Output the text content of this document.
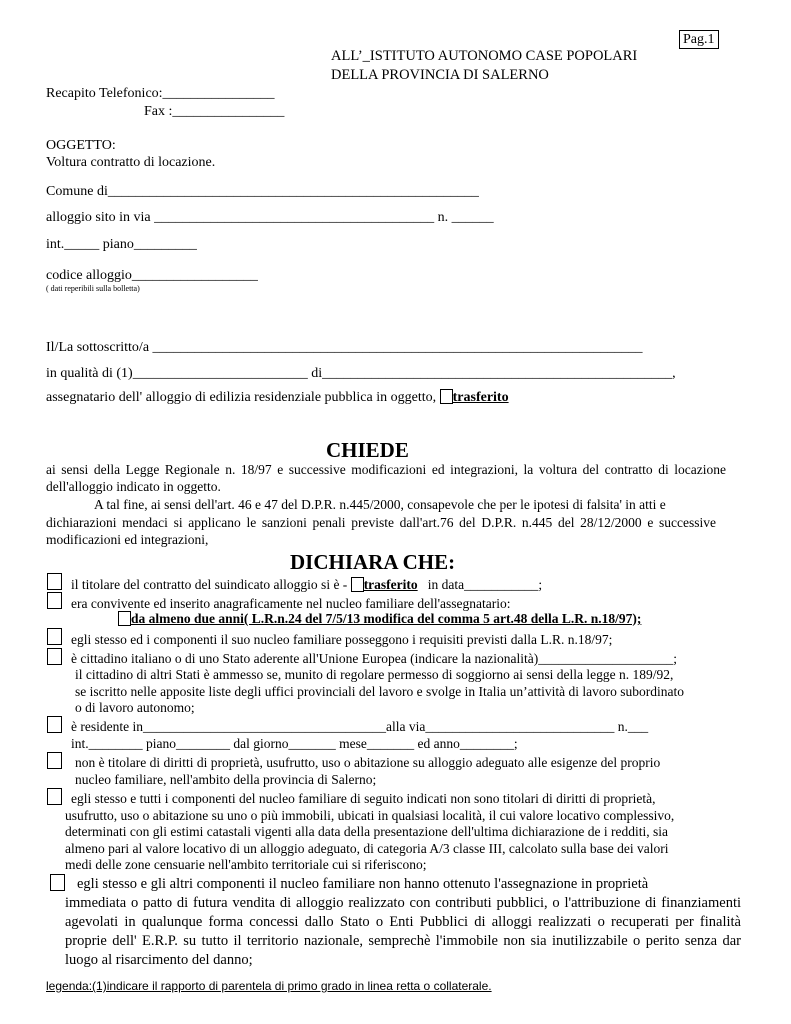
Pag.1
ALL’_ISTITUTO AUTONOMO CASE POPOLARI
DELLA PROVINCIA DI SALERNO
Recapito Telefonico:________________
Fax :________________
OGGETTO:
Voltura contratto di locazione.
Comune di_____________________________________________________
alloggio sito in via ________________________________________ n. ______
int._____ piano_________
codice alloggio__________________
( dati reperibili sulla bolletta)
Il/La sottoscritto/a ______________________________________________________________________
in qualità di (1)_________________________ di__________________________________________________,
assegnatario dell' alloggio di edilizia residenziale pubblica in oggetto, trasferito
CHIEDE
ai sensi della Legge Regionale n. 18/97 e successive modificazioni ed integrazioni, la voltura del contratto di locazione dell'alloggio indicato in oggetto.
A tal fine, ai sensi dell'art. 46 e 47 del D.P.R. n.445/2000, consapevole che per le ipotesi di falsita' in atti e
dichiarazioni mendaci si applicano le sanzioni penali previste dall'art.76 del D.P.R. n.445 del 28/12/2000 e successive modificazioni ed integrazioni,
DICHIARA CHE:
il titolare del contratto del suindicato alloggio si è - trasferito in data___________;
era convivente ed inserito anagraficamente nel nucleo familiare dell'assegnatario:
da almeno due anni( L.R.n.24 del 7/5/13 modifica del comma 5 art.48 della L.R. n.18/97);
egli stesso ed i componenti il suo nucleo familiare posseggono i requisiti previsti dalla L.R. n.18/97;
è cittadino italiano o di uno Stato aderente all'Unione Europea (indicare la nazionalità)____________________;
il cittadino di altri Stati è ammesso se, munito di regolare permesso di soggiorno ai sensi della legge n. 189/92,
se iscritto nelle apposite liste degli uffici provinciali del lavoro e svolge in Italia un’attività di lavoro subordinato
o di lavoro autonomo;
è residente in____________________________________alla via____________________________ n.___
int.________ piano________ dal giorno_______ mese_______ ed anno________;
non è titolare di diritti di proprietà, usufrutto, uso o abitazione su alloggio adeguato alle esigenze del proprio
nucleo familiare, nell'ambito della provincia di Salerno;
egli stesso e tutti i componenti del nucleo familiare di seguito indicati non sono titolari di diritti di proprietà,
usufrutto, uso o abitazione su uno o più immobili, ubicati in qualsiasi località, il cui valore locativo complessivo,
determinati con gli estimi catastali vigenti alla data della presentazione dell'ultima dichiarazione de i redditi, sia
almeno pari al valore locativo di un alloggio adeguato, di categoria A/3 classe III, calcolato sulla base dei valori
medi delle zone censuarie nell'ambito territoriale cui si riferiscono;
egli stesso e gli altri componenti il nucleo familiare non hanno ottenuto l'assegnazione in proprietà
immediata o patto di futura vendita di alloggio realizzato con contributi pubblici, o l'attribuzione di finanziamenti agevolati in qualunque forma concessi dallo Stato o Enti Pubblici di alloggi realizzati o recuperati per finalità proprie dell' E.R.P. su tutto il territorio nazionale, semprechè l'immobile non sia inutilizzabile o perito senza dar luogo al risarcimento del danno;
legenda:(1)indicare il rapporto di parentela di primo grado in linea retta o collaterale.
